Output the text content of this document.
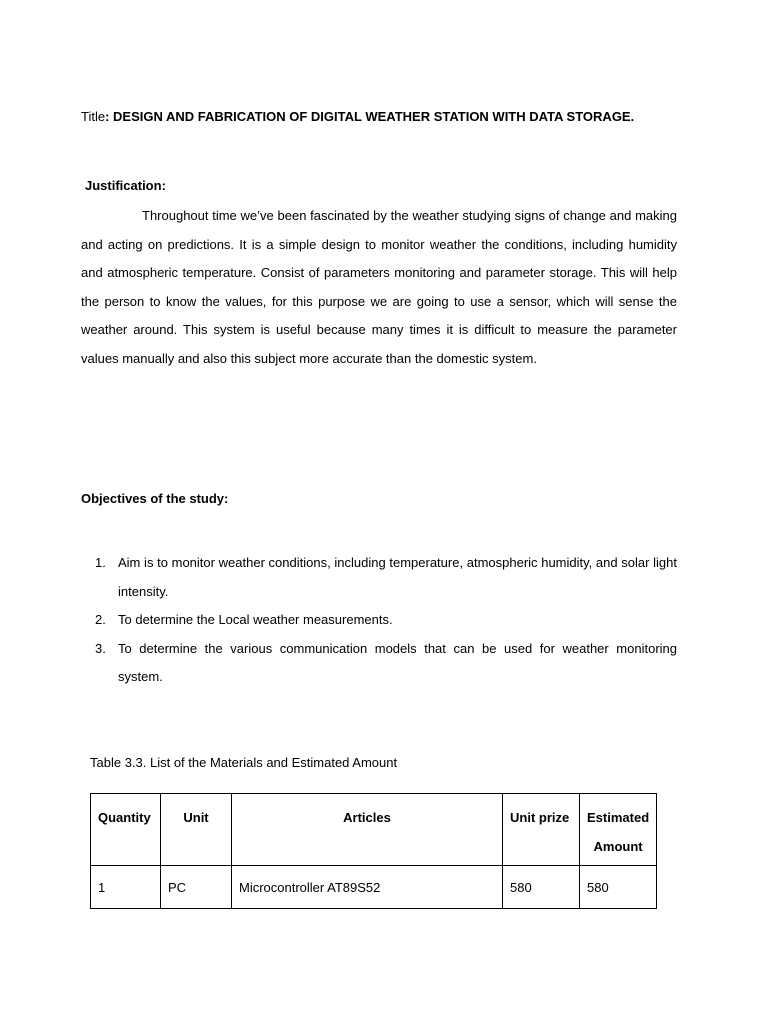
Title: DESIGN AND FABRICATION OF DIGITAL WEATHER STATION WITH DATA STORAGE.
Justification:
Throughout time we’ve been fascinated by the weather studying signs of change and making and acting on predictions. It is a simple design to monitor weather the conditions, including humidity and atmospheric temperature. Consist of parameters monitoring and parameter storage. This will help the person to know the values, for this purpose we are going to use a sensor, which will sense the weather around. This system is useful because many times it is difficult to measure the parameter values manually and also this subject more accurate than the domestic system.
Objectives of the study:
1. Aim is to monitor weather conditions, including temperature, atmospheric humidity, and solar light intensity.
2. To determine the Local weather measurements.
3. To determine the various communication models that can be used for weather monitoring system.
Table 3.3. List of the Materials and Estimated Amount
Quantity	Unit	Articles	Unit prize	Estimated Amount
1	PC	Microcontroller AT89S52	580	580
